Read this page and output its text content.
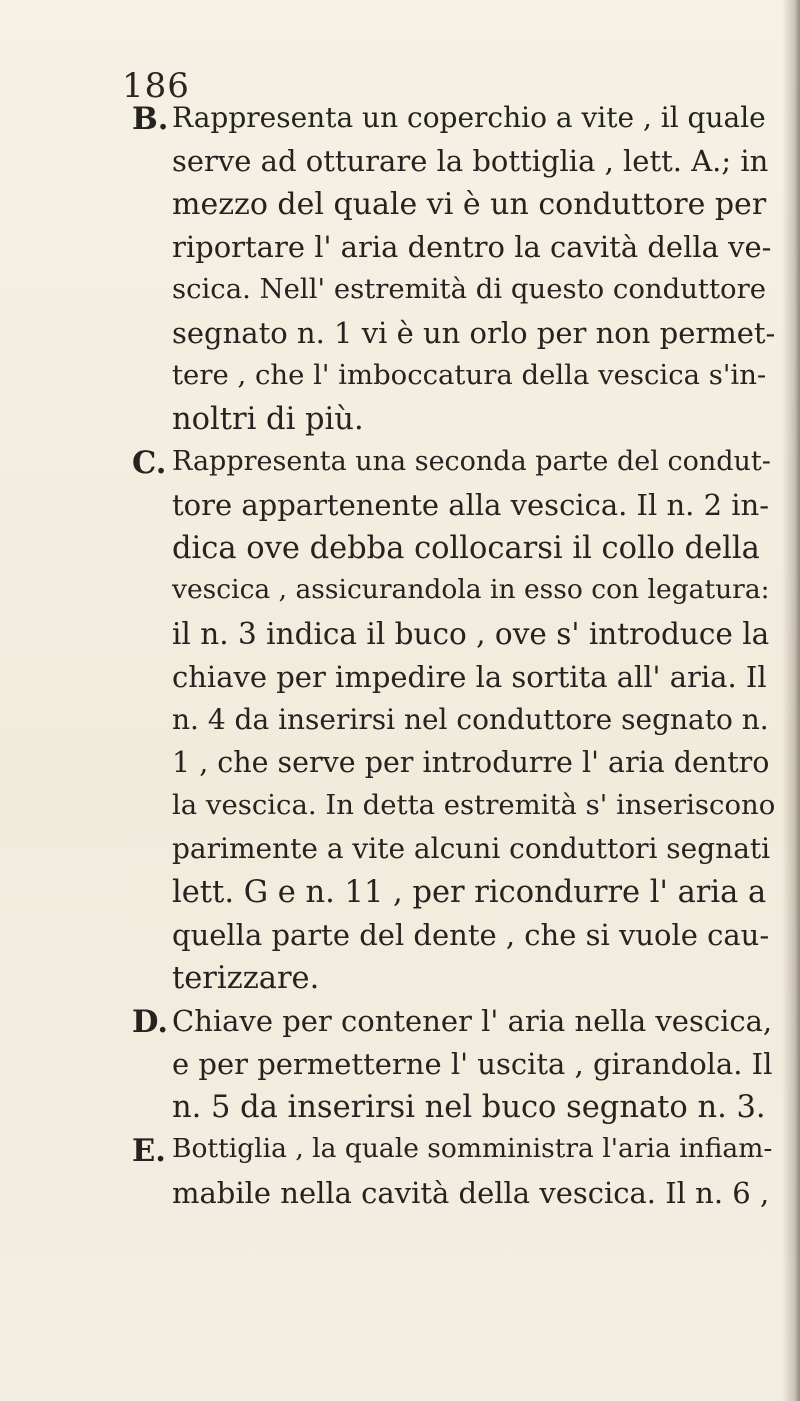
186
B. Rappresenta un coperchio a vite , il quale
serve ad otturare la bottiglia , lett. A.; in
mezzo del quale vi è un conduttore per
riportare l' aria dentro la cavità della ve-
scica. Nell' estremità di questo conduttore
segnato n. 1 vi è un orlo per non permet-
tere , che l' imboccatura della vescica s'in-
noltri di più.
C. Rappresenta una seconda parte del condut-
tore appartenente alla vescica. Il n. 2 in-
dica ove debba collocarsi il collo della
vescica , assicurandola in esso con legatura:
il n. 3 indica il buco , ove s' introduce la
chiave per impedire la sortita all' aria. Il
n. 4 da inserirsi nel conduttore segnato n.
1 , che serve per introdurre l' aria dentro
la vescica. In detta estremità s' inseriscono
parimente a vite alcuni conduttori segnati
lett. G e n. 11 , per ricondurre l' aria a
quella parte del dente , che si vuole cau-
terizzare.
D. Chiave per contener l' aria nella vescica,
e per permetterne l' uscita , girandola. Il
n. 5 da inserirsi nel buco segnato n. 3.
E. Bottiglia , la quale somministra l'aria infiam-
mabile nella cavità della vescica. Il n. 6 ,
